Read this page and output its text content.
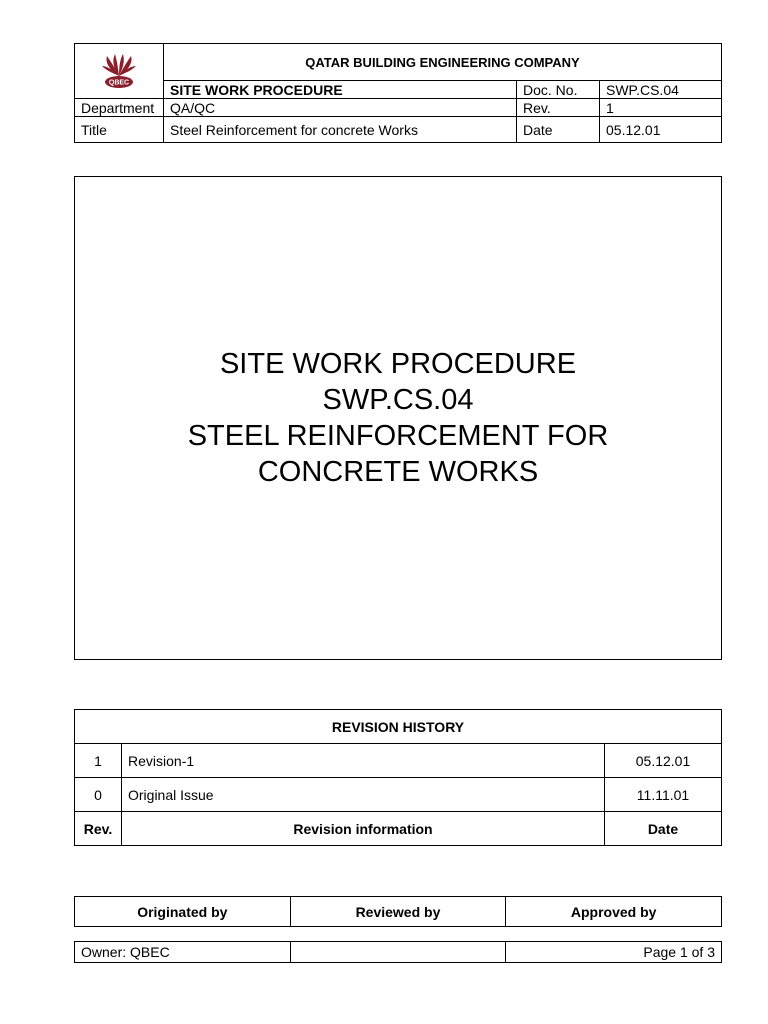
QBEC	QATAR BUILDING ENGINEERING COMPANY		
	SITE WORK PROCEDURE	Doc. No.	SWP.CS.04
Department	QA/QC	Rev.	1
Title	Steel Reinforcement for concrete Works	Date	05.12.01
SITE WORK PROCEDURE
SWP.CS.04
STEEL REINFORCEMENT FOR
CONCRETE WORKS
REVISION HISTORY		
1	Revision-1	05.12.01
0	Original Issue	11.11.01
Rev.	Revision information	Date
Originated by	Reviewed by	Approved by
Owner: QBEC		Page 1 of 3
